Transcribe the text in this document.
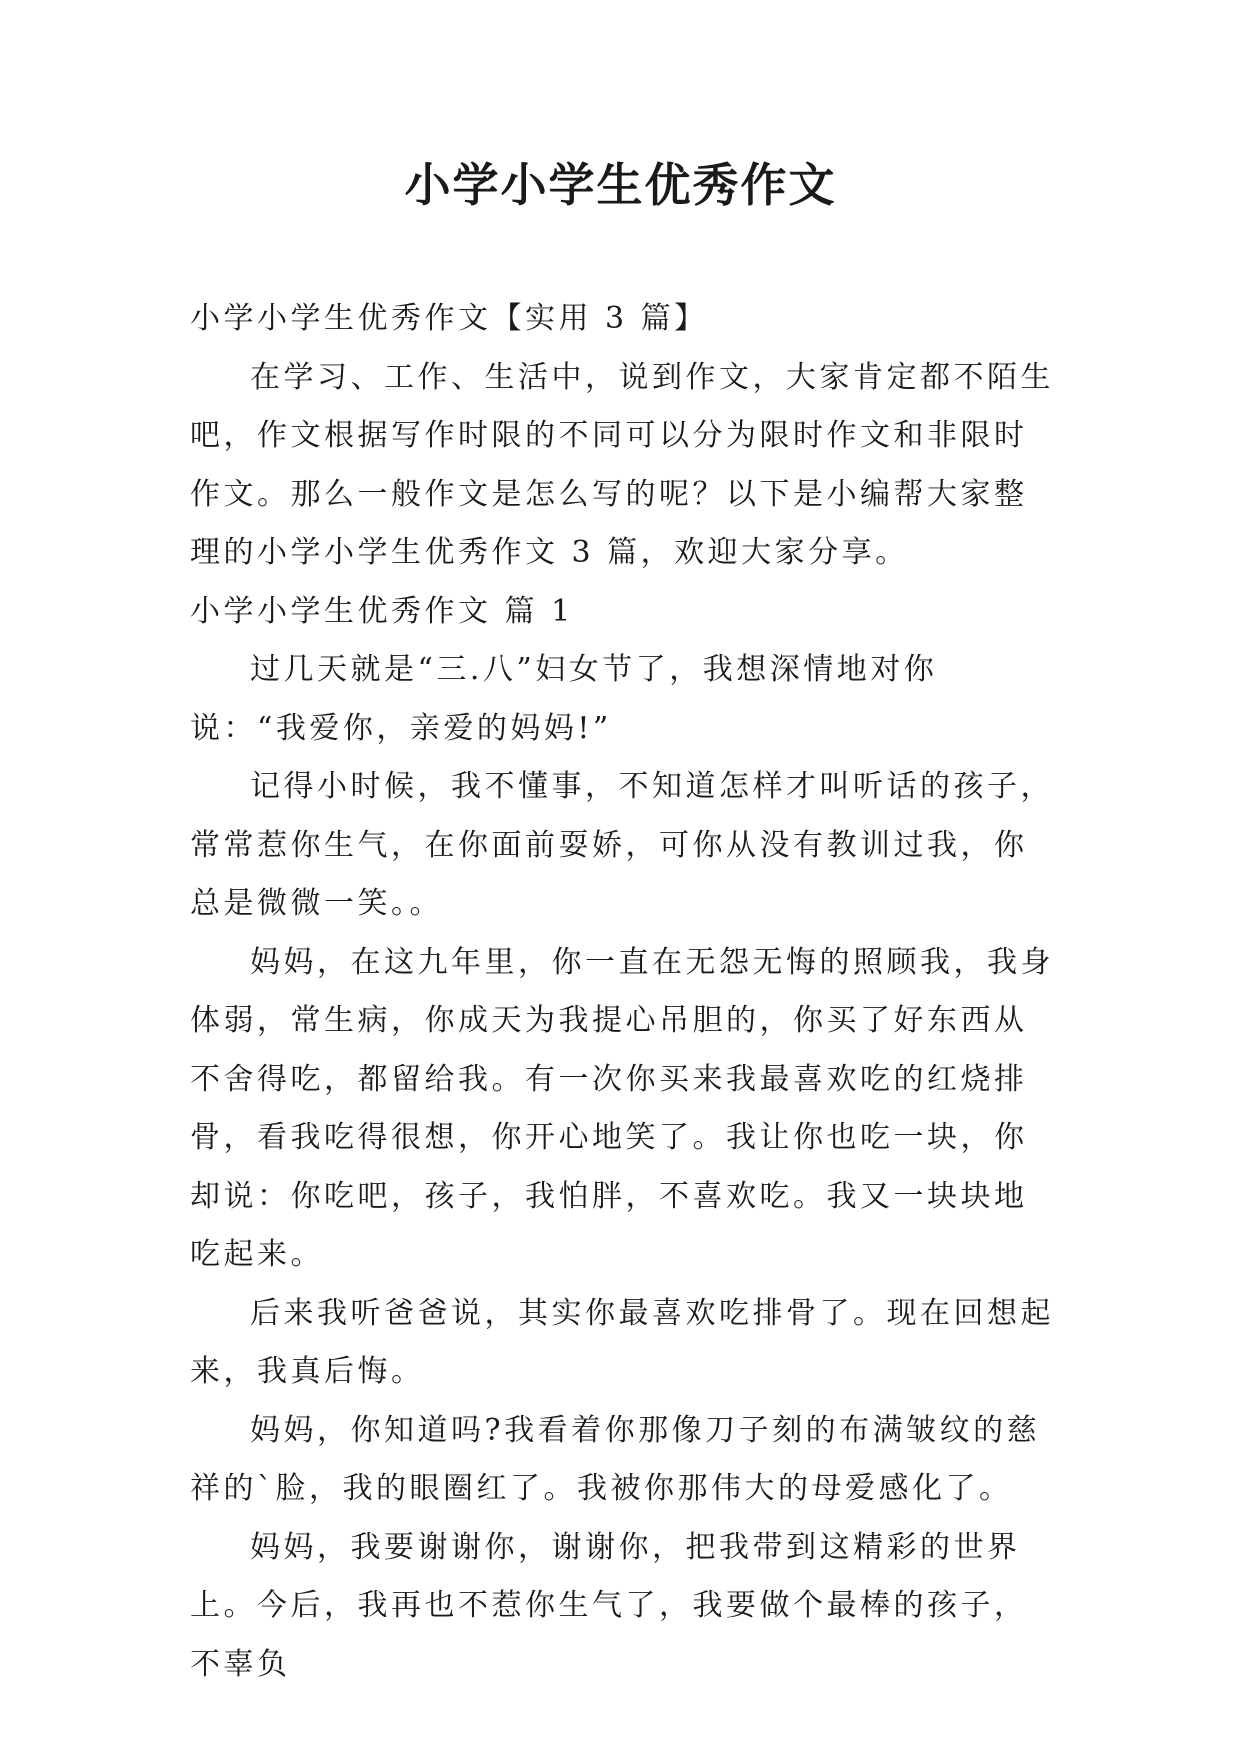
小学小学生优秀作文

小学小学生优秀作文【实用 3 篇】

在学习、工作、生活中，说到作文，大家肯定都不陌生吧，作文根据写作时限的不同可以分为限时作文和非限时作文。那么一般作文是怎么写的呢？以下是小编帮大家整理的小学小学生优秀作文 3 篇，欢迎大家分享。

小学小学生优秀作文 篇 1

过几天就是“三.八”妇女节了，我想深情地对你说：“我爱你，亲爱的妈妈!”

记得小时候，我不懂事，不知道怎样才叫听话的孩子，常常惹你生气，在你面前耍娇，可你从没有教训过我，你总是微微一笑。。

妈妈，在这九年里，你一直在无怨无悔的照顾我，我身体弱，常生病，你成天为我提心吊胆的，你买了好东西从不舍得吃，都留给我。有一次你买来我最喜欢吃的红烧排骨，看我吃得很想，你开心地笑了。我让你也吃一块，你却说：你吃吧，孩子，我怕胖，不喜欢吃。我又一块块地吃起来。

后来我听爸爸说，其实你最喜欢吃排骨了。现在回想起来，我真后悔。

妈妈，你知道吗?我看着你那像刀子刻的布满皱纹的慈祥的`脸，我的眼圈红了。我被你那伟大的母爱感化了。

妈妈，我要谢谢你，谢谢你，把我带到这精彩的世界上。今后，我再也不惹你生气了，我要做个最棒的孩子，不辜负
